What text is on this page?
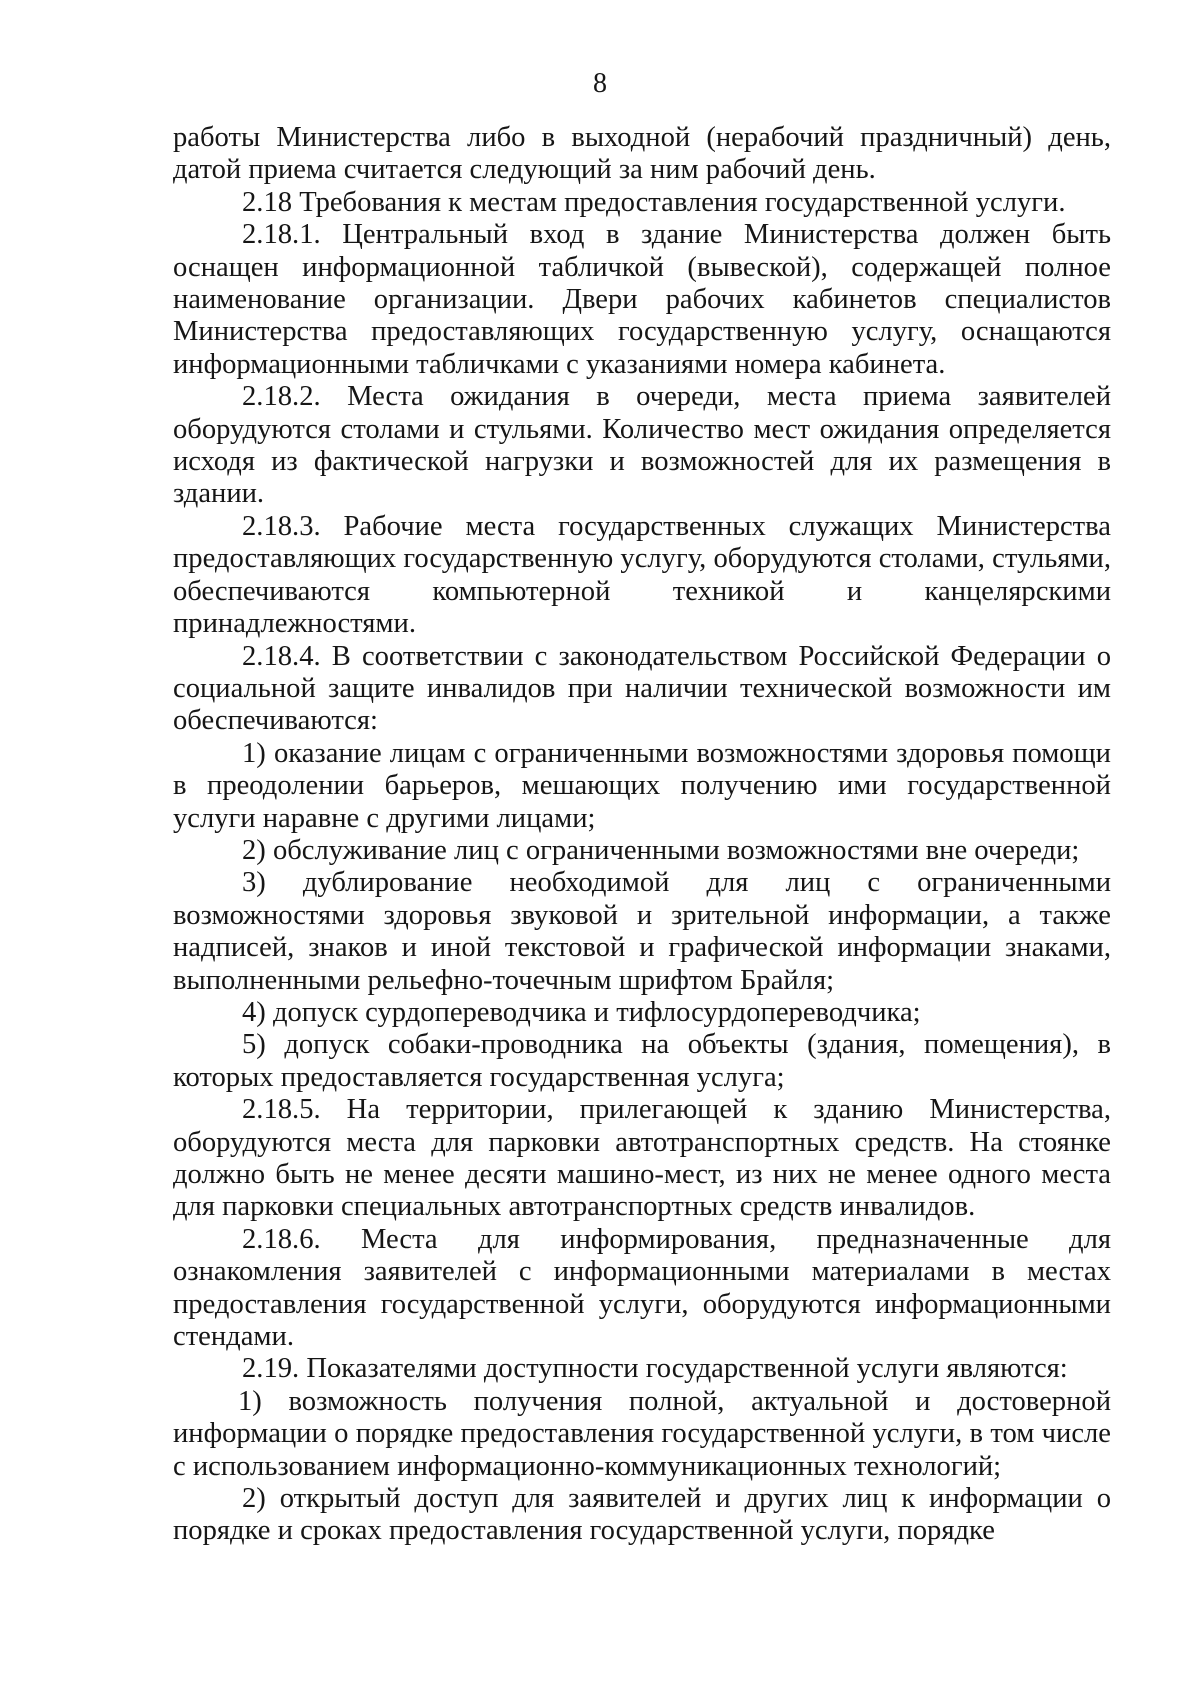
8

работы Министерства либо в выходной (нерабочий праздничный) день, датой приема считается следующий за ним рабочий день.

2.18 Требования к местам предоставления государственной услуги.

2.18.1. Центральный вход в здание Министерства должен быть оснащен информационной табличкой (вывеской), содержащей полное наименование организации. Двери рабочих кабинетов специалистов Министерства предоставляющих государственную услугу, оснащаются информационными табличками с указаниями номера кабинета.

2.18.2. Места ожидания в очереди, места приема заявителей оборудуются столами и стульями. Количество мест ожидания определяется исходя из фактической нагрузки и возможностей для их размещения в здании.

2.18.3. Рабочие места государственных служащих Министерства предоставляющих государственную услугу, оборудуются столами, стульями, обеспечиваются компьютерной техникой и канцелярскими принадлежностями.

2.18.4. В соответствии с законодательством Российской Федерации о социальной защите инвалидов при наличии технической возможности им обеспечиваются:

1) оказание лицам с ограниченными возможностями здоровья помощи в преодолении барьеров, мешающих получению ими государственной услуги наравне с другими лицами;

2) обслуживание лиц с ограниченными возможностями вне очереди;

3) дублирование необходимой для лиц с ограниченными возможностями здоровья звуковой и зрительной информации, а также надписей, знаков и иной текстовой и графической информации знаками, выполненными рельефно-точечным шрифтом Брайля;

4) допуск сурдопереводчика и тифлосурдопереводчика;

5) допуск собаки-проводника на объекты (здания, помещения), в которых предоставляется государственная услуга;

2.18.5. На территории, прилегающей к зданию Министерства, оборудуются места для парковки автотранспортных средств. На стоянке должно быть не менее десяти машино-мест, из них не менее одного места для парковки специальных автотранспортных средств инвалидов.

2.18.6. Места для информирования, предназначенные для ознакомления заявителей с информационными материалами в местах предоставления государственной услуги, оборудуются информационными стендами.

2.19. Показателями доступности государственной услуги являются:

1) возможность получения полной, актуальной и достоверной информации о порядке предоставления государственной услуги, в том числе с использованием информационно-коммуникационных технологий;

2) открытый доступ для заявителей и других лиц к информации о порядке и сроках предоставления государственной услуги, порядке
